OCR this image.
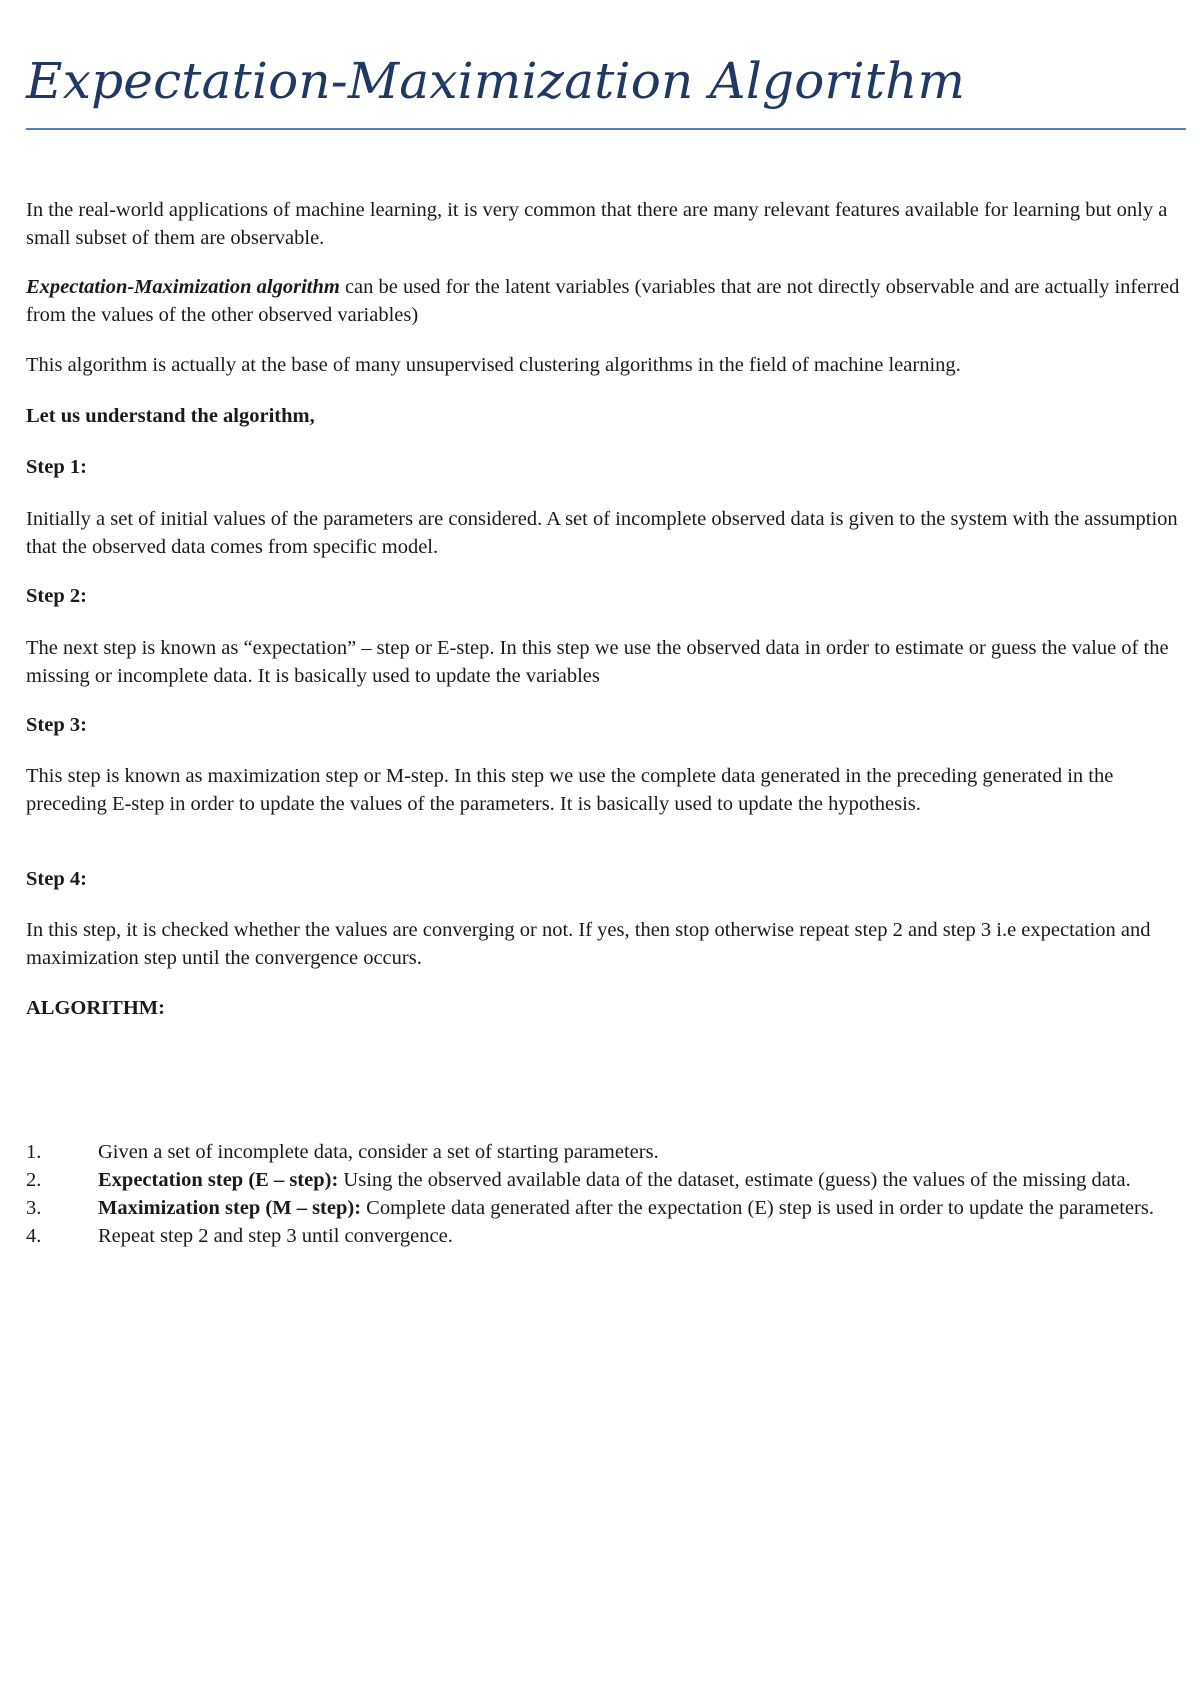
Expectation-Maximization Algorithm

In the real-world applications of machine learning, it is very common that there are many relevant features available for learning but only a small subset of them are observable.

Expectation-Maximization algorithm can be used for the latent variables (variables that are not directly observable and are actually inferred from the values of the other observed variables)

This algorithm is actually at the base of many unsupervised clustering algorithms in the field of machine learning.

Let us understand the algorithm,

Step 1:

Initially a set of initial values of the parameters are considered. A set of incomplete observed data is given to the system with the assumption that the observed data comes from specific model.

Step 2:

The next step is known as “expectation” – step or E-step. In this step we use the observed data in order to estimate or guess the value of the missing or incomplete data. It is basically used to update the variables

Step 3:

This step is known as maximization step or M-step. In this step we use the complete data generated in the preceding generated in the preceding E-step in order to update the values of the parameters. It is basically used to update the hypothesis.

Step 4:

In this step, it is checked whether the values are converging or not. If yes, then stop otherwise repeat step 2 and step 3 i.e expectation and maximization step until the convergence occurs.

ALGORITHM:

1.	Given a set of incomplete data, consider a set of starting parameters.
2.	Expectation step (E – step): Using the observed available data of the dataset, estimate (guess) the values of the missing data.
3.	Maximization step (M – step): Complete data generated after the expectation (E) step is used in order to update the parameters.
4.	Repeat step 2 and step 3 until convergence.
